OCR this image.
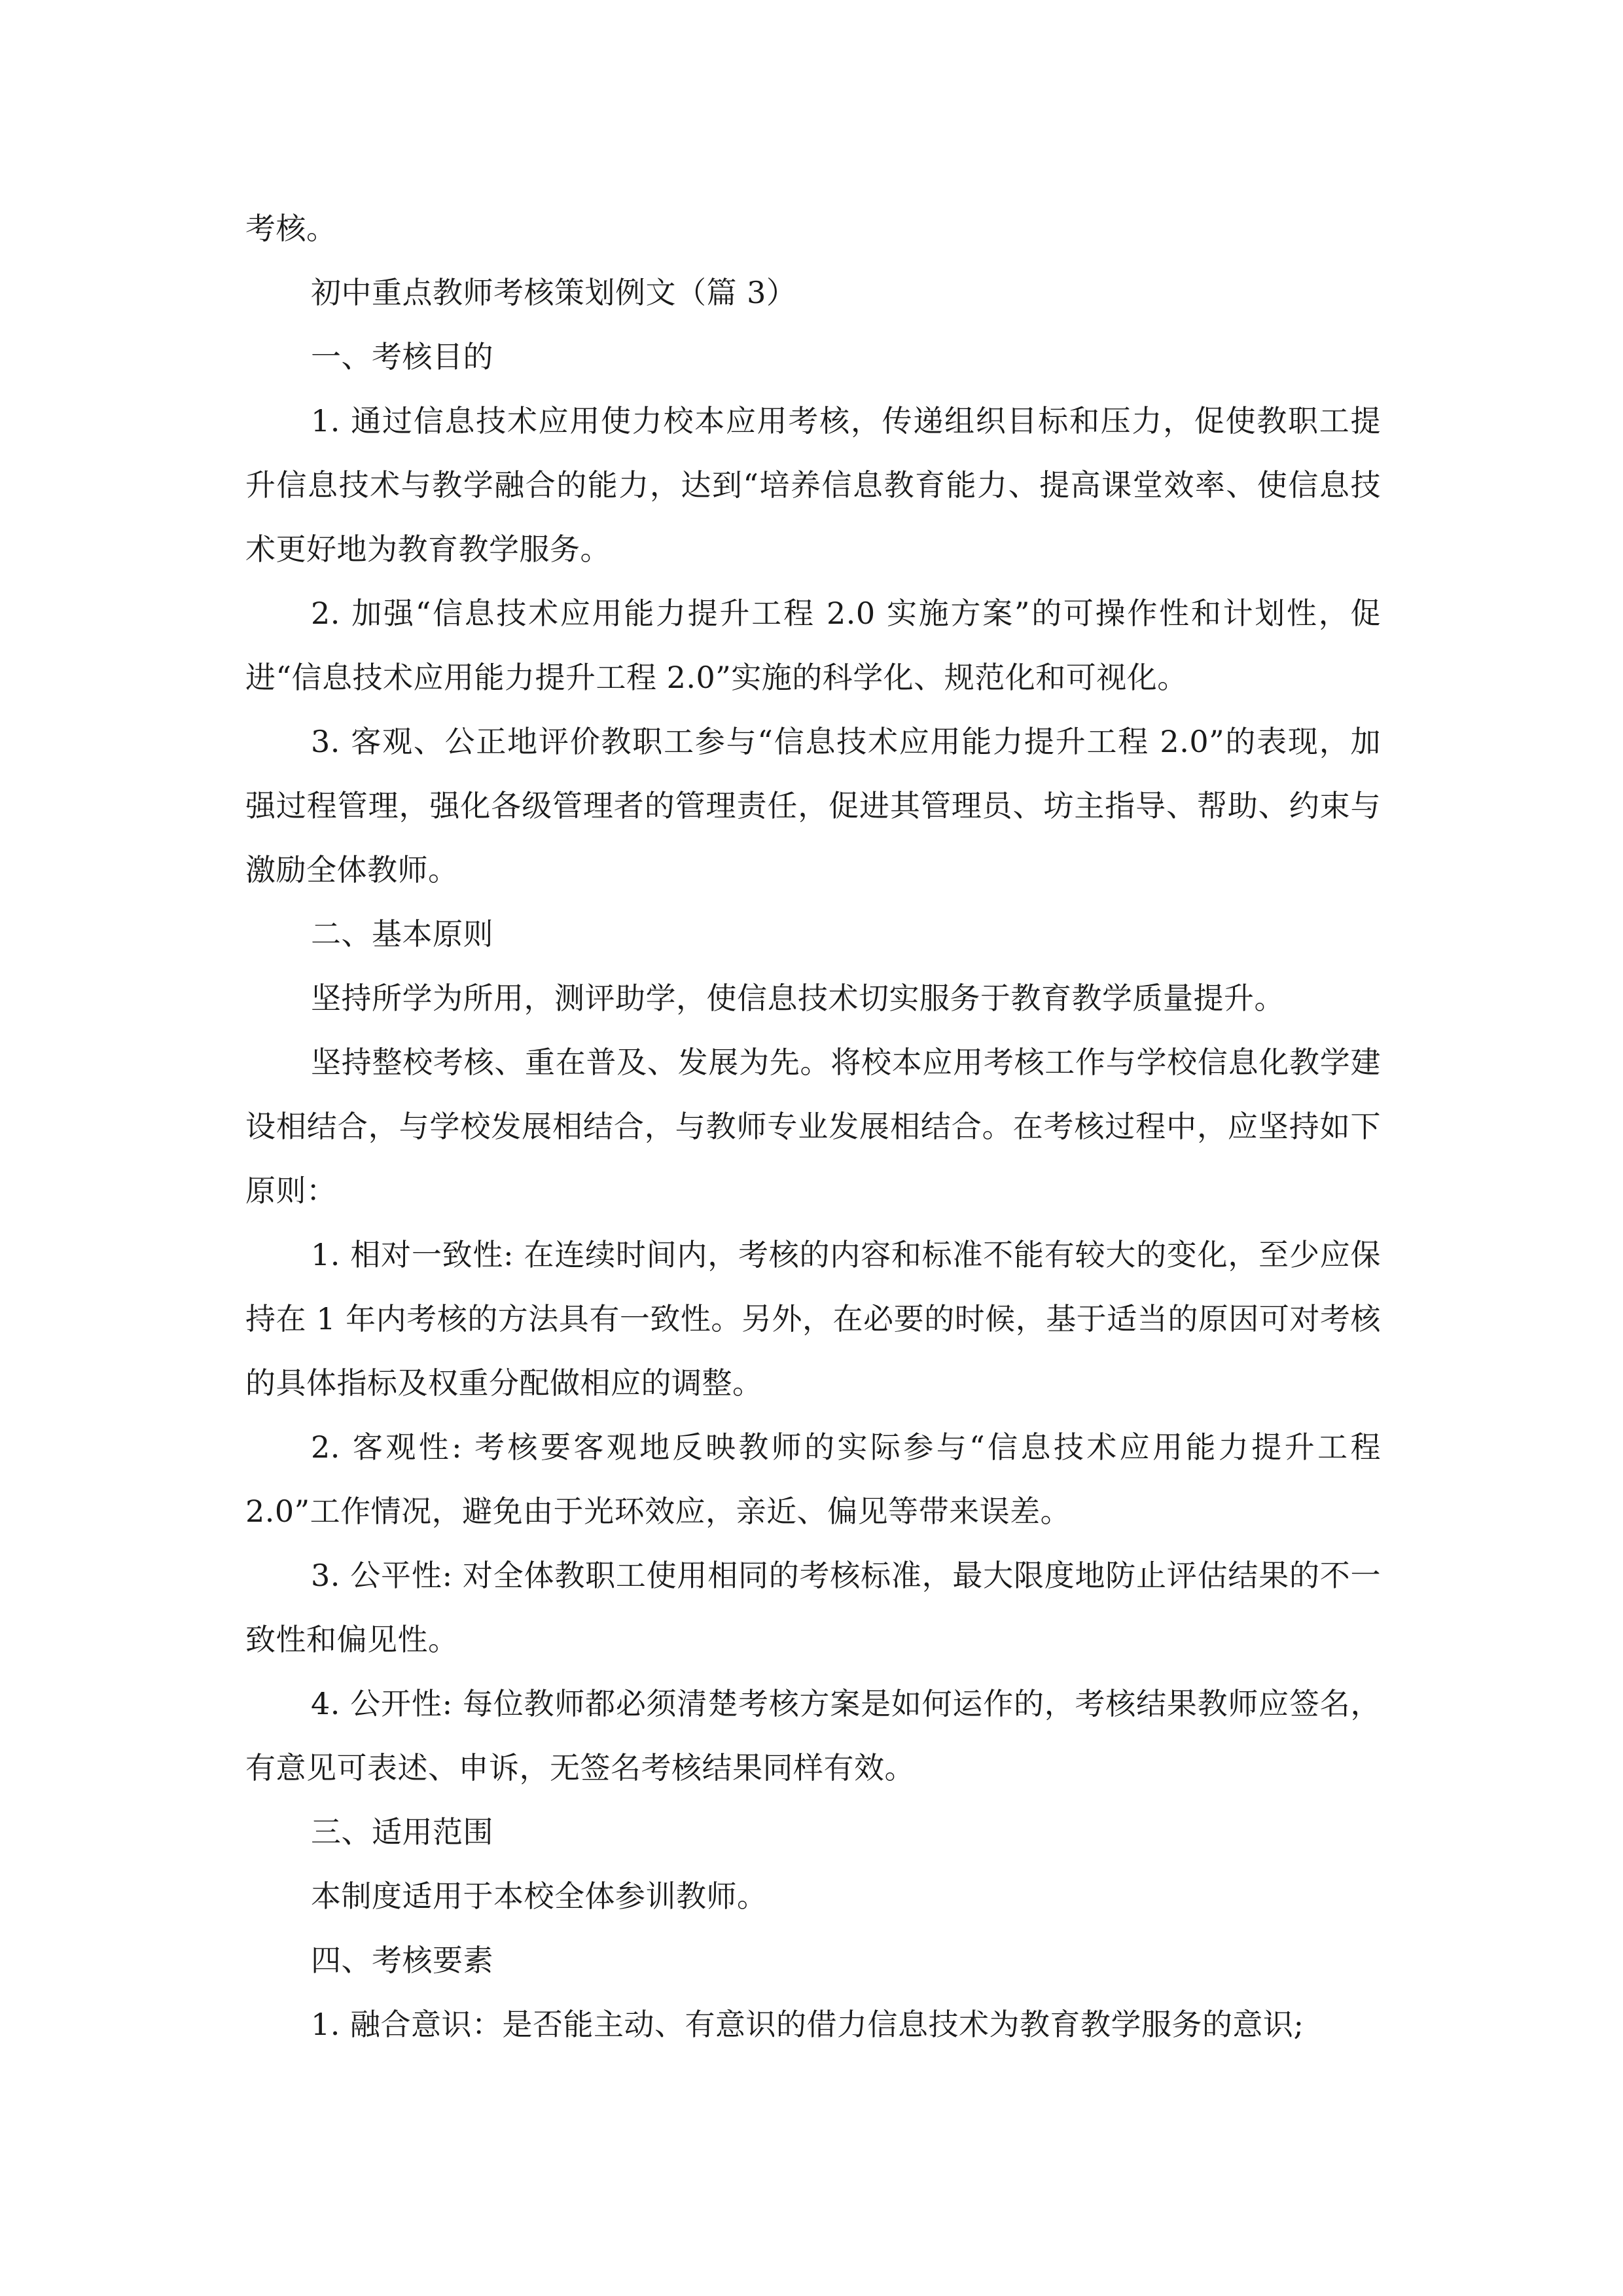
考核。

初中重点教师考核策划例文（篇 3）

一、考核目的

1. 通过信息技术应用使力校本应用考核，传递组织目标和压力，促使教职工提升信息技术与教学融合的能力，达到“培养信息教育能力、提高课堂效率、使信息技术更好地为教育教学服务。

2. 加强“信息技术应用能力提升工程 2.0 实施方案”的可操作性和计划性，促进“信息技术应用能力提升工程 2.0”实施的科学化、规范化和可视化。

3. 客观、公正地评价教职工参与“信息技术应用能力提升工程 2.0”的表现，加强过程管理，强化各级管理者的管理责任，促进其管理员、坊主指导、帮助、约束与激励全体教师。

二、基本原则

坚持所学为所用，测评助学，使信息技术切实服务于教育教学质量提升。

坚持整校考核、重在普及、发展为先。将校本应用考核工作与学校信息化教学建设相结合，与学校发展相结合，与教师专业发展相结合。在考核过程中，应坚持如下原则：

1. 相对一致性: 在连续时间内，考核的内容和标准不能有较大的变化，至少应保持在 1 年内考核的方法具有一致性。另外，在必要的时候，基于适当的原因可对考核的具体指标及权重分配做相应的调整。

2. 客观性: 考核要客观地反映教师的实际参与“信息技术应用能力提升工程 2.0”工作情况，避免由于光环效应，亲近、偏见等带来误差。

3. 公平性: 对全体教职工使用相同的考核标准，最大限度地防止评估结果的不一致性和偏见性。

4. 公开性: 每位教师都必须清楚考核方案是如何运作的，考核结果教师应签名，有意见可表述、申诉，无签名考核结果同样有效。

三、适用范围

本制度适用于本校全体参训教师。

四、考核要素

1. 融合意识：是否能主动、有意识的借力信息技术为教育教学服务的意识;
